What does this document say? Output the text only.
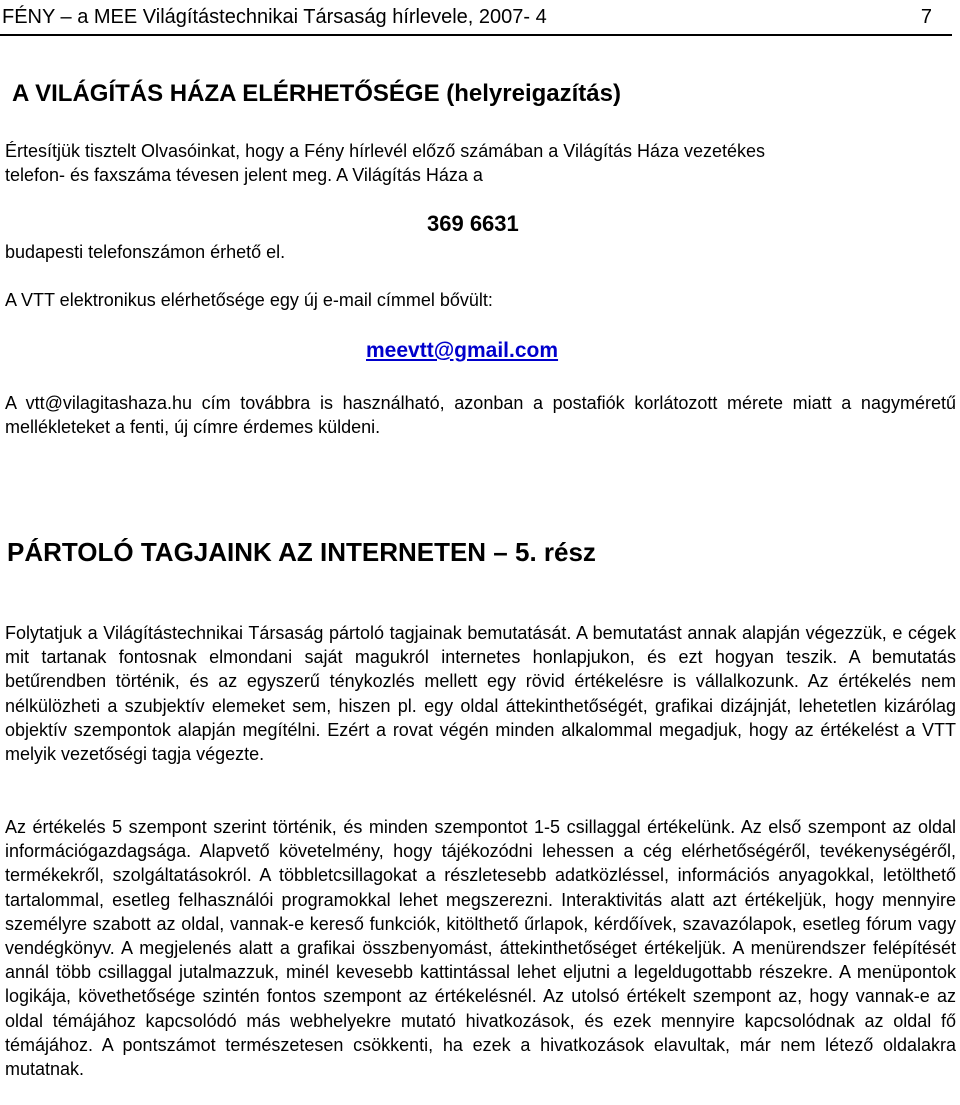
FÉNY – a MEE Világítástechnikai Társaság hírlevele, 2007- 4	7
A VILÁGÍTÁS HÁZA ELÉRHETŐSÉGE (helyreigazítás)
Értesítjük tisztelt Olvasóinkat, hogy a Fény hírlevél előző számában a Világítás Háza vezetékes
telefon- és faxszáma tévesen jelent meg. A Világítás Háza a
369 6631
budapesti telefonszámon érhető el.
A VTT elektronikus elérhetősége egy új e-mail címmel bővült:
meevtt@gmail.com
A vtt@vilagitashaza.hu cím továbbra is használható, azonban a postafiók korlátozott mérete miatt a nagyméretű mellékleteket a fenti, új címre érdemes küldeni.
PÁRTOLÓ TAGJAINK AZ INTERNETEN – 5. rész
Folytatjuk a Világítástechnikai Társaság pártoló tagjainak bemutatását. A bemutatást annak alapján végezzük, e cégek mit tartanak fontosnak elmondani saját magukról internetes honlapjukon, és ezt hogyan teszik. A bemutatás betűrendben történik, és az egyszerű ténykozlés mellett egy rövid értékelésre is vállalkozunk. Az értékelés nem nélkülözheti a szubjektív elemeket sem, hiszen pl. egy oldal áttekinthetőségét, grafikai dizájnját, lehetetlen kizárólag objektív szempontok alapján megítélni. Ezért a rovat végén minden alkalommal megadjuk, hogy az értékelést a VTT melyik vezetőségi tagja végezte.
Az értékelés 5 szempont szerint történik, és minden szempontot 1-5 csillaggal értékelünk. Az első szempont az oldal információgazdagsága. Alapvető követelmény, hogy tájékozódni lehessen a cég elérhetőségéről, tevékenységéről, termékekről, szolgáltatásokról. A többletcsillagokat a részletesebb adatközléssel, információs anyagokkal, letölthető tartalommal, esetleg felhasználói programokkal lehet megszerezni. Interaktivitás alatt azt értékeljük, hogy mennyire személyre szabott az oldal, vannak-e kereső funkciók, kitölthető űrlapok, kérdőívek, szavazólapok, esetleg fórum vagy vendégkönyv. A megjelenés alatt a grafikai összbenyomást, áttekinthetőséget értékeljük. A menürendszer felépítését annál több csillaggal jutalmazzuk, minél kevesebb kattintással lehet eljutni a legeldugottabb részekre. A menüpontok logikája, követhetősége szintén fontos szempont az értékelésnél. Az utolsó értékelt szempont az, hogy vannak-e az oldal témájához kapcsolódó más webhelyekre mutató hivatkozások, és ezek mennyire kapcsolódnak az oldal fő témájához. A pontszámot természetesen csökkenti, ha ezek a hivatkozások elavultak, már nem létező oldalakra mutatnak.
